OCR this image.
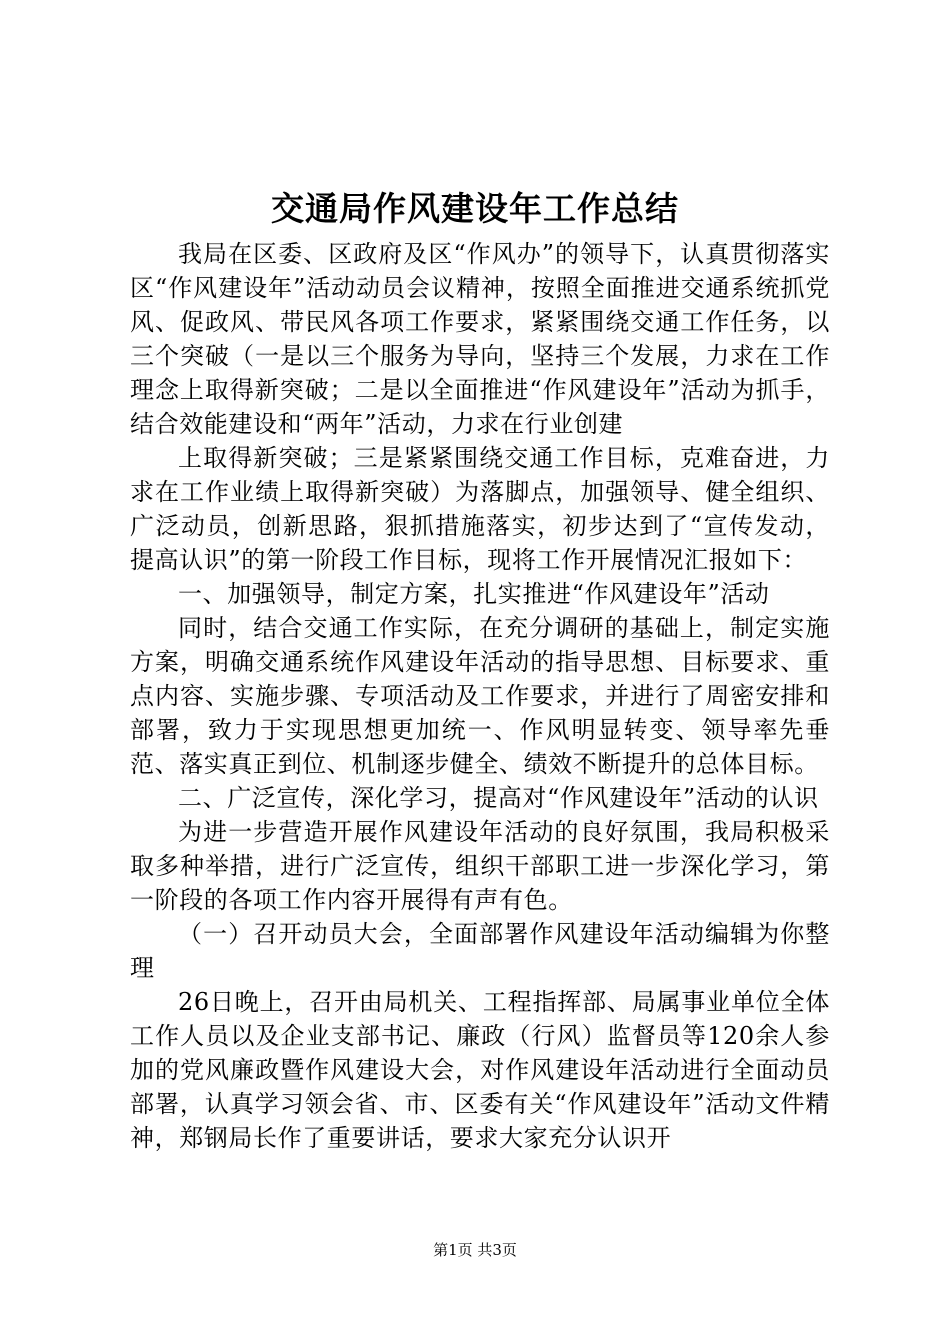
交通局作风建设年工作总结

我局在区委、区政府及区“作风办”的领导下，认真贯彻落实区“作风建设年”活动动员会议精神，按照全面推进交通系统抓党风、促政风、带民风各项工作要求，紧紧围绕交通工作任务，以三个突破（一是以三个服务为导向，坚持三个发展，力求在工作理念上取得新突破；二是以全面推进“作风建设年”活动为抓手，结合效能建设和“两年”活动，力求在行业创建

上取得新突破；三是紧紧围绕交通工作目标，克难奋进，力求在工作业绩上取得新突破）为落脚点，加强领导、健全组织、广泛动员，创新思路，狠抓措施落实，初步达到了“宣传发动，提高认识”的第一阶段工作目标，现将工作开展情况汇报如下：

一、加强领导，制定方案，扎实推进“作风建设年”活动

同时，结合交通工作实际，在充分调研的基础上，制定实施方案，明确交通系统作风建设年活动的指导思想、目标要求、重点内容、实施步骤、专项活动及工作要求，并进行了周密安排和部署，致力于实现思想更加统一、作风明显转变、领导率先垂范、落实真正到位、机制逐步健全、绩效不断提升的总体目标。

二、广泛宣传，深化学习，提高对“作风建设年”活动的认识

为进一步营造开展作风建设年活动的良好氛围，我局积极采取多种举措，进行广泛宣传，组织干部职工进一步深化学习，第一阶段的各项工作内容开展得有声有色。

（一）召开动员大会，全面部署作风建设年活动编辑为你整理

26日晚上，召开由局机关、工程指挥部、局属事业单位全体工作人员以及企业支部书记、廉政（行风）监督员等120余人参加的党风廉政暨作风建设大会，对作风建设年活动进行全面动员部署，认真学习领会省、市、区委有关“作风建设年”活动文件精神，郑钢局长作了重要讲话，要求大家充分认识开

第1页 共3页
